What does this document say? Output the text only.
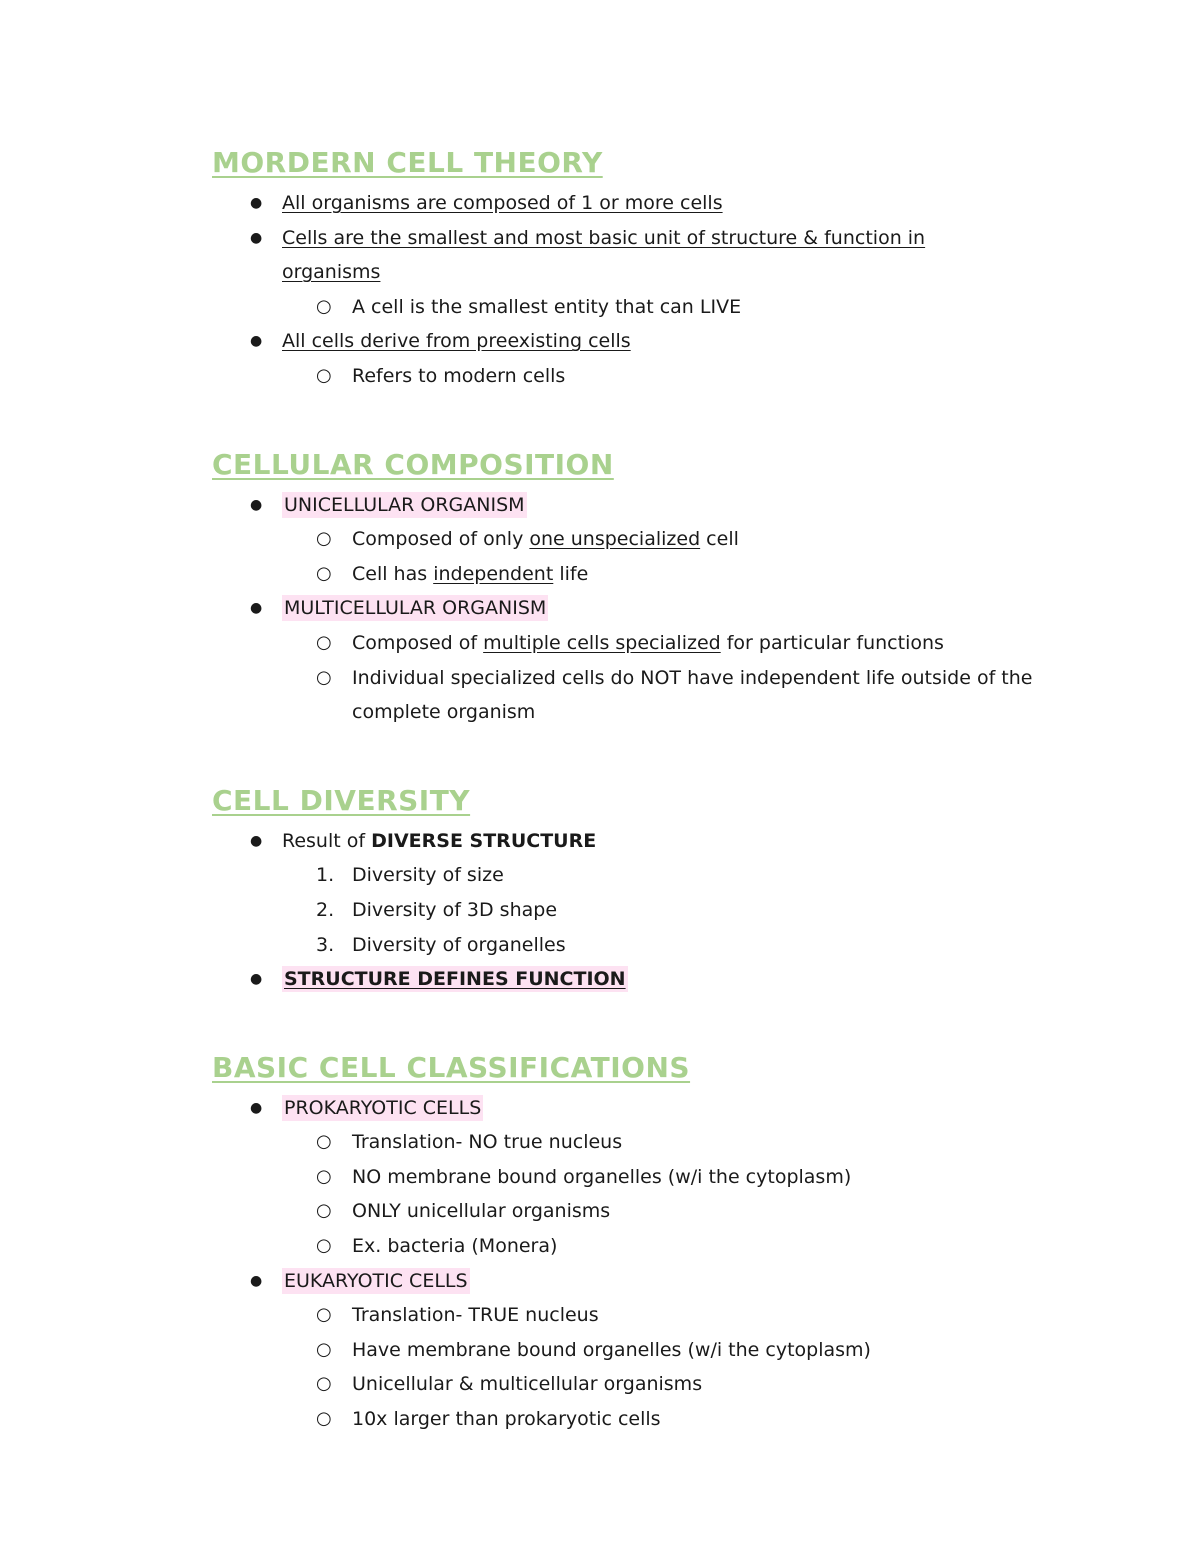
MORDERN CELL THEORY
● All organisms are composed of 1 or more cells
● Cells are the smallest and most basic unit of structure & function in organisms
○ A cell is the smallest entity that can LIVE
● All cells derive from preexisting cells
○ Refers to modern cells
CELLULAR COMPOSITION
● UNICELLULAR ORGANISM
○ Composed of only one unspecialized cell
○ Cell has independent life
● MULTICELLULAR ORGANISM
○ Composed of multiple cells specialized for particular functions
○ Individual specialized cells do NOT have independent life outside of the complete organism
CELL DIVERSITY
● Result of DIVERSE STRUCTURE
1. Diversity of size
2. Diversity of 3D shape
3. Diversity of organelles
● STRUCTURE DEFINES FUNCTION
BASIC CELL CLASSIFICATIONS
● PROKARYOTIC CELLS
○ Translation- NO true nucleus
○ NO membrane bound organelles (w/i the cytoplasm)
○ ONLY unicellular organisms
○ Ex. bacteria (Monera)
● EUKARYOTIC CELLS
○ Translation- TRUE nucleus
○ Have membrane bound organelles (w/i the cytoplasm)
○ Unicellular & multicellular organisms
○ 10x larger than prokaryotic cells
